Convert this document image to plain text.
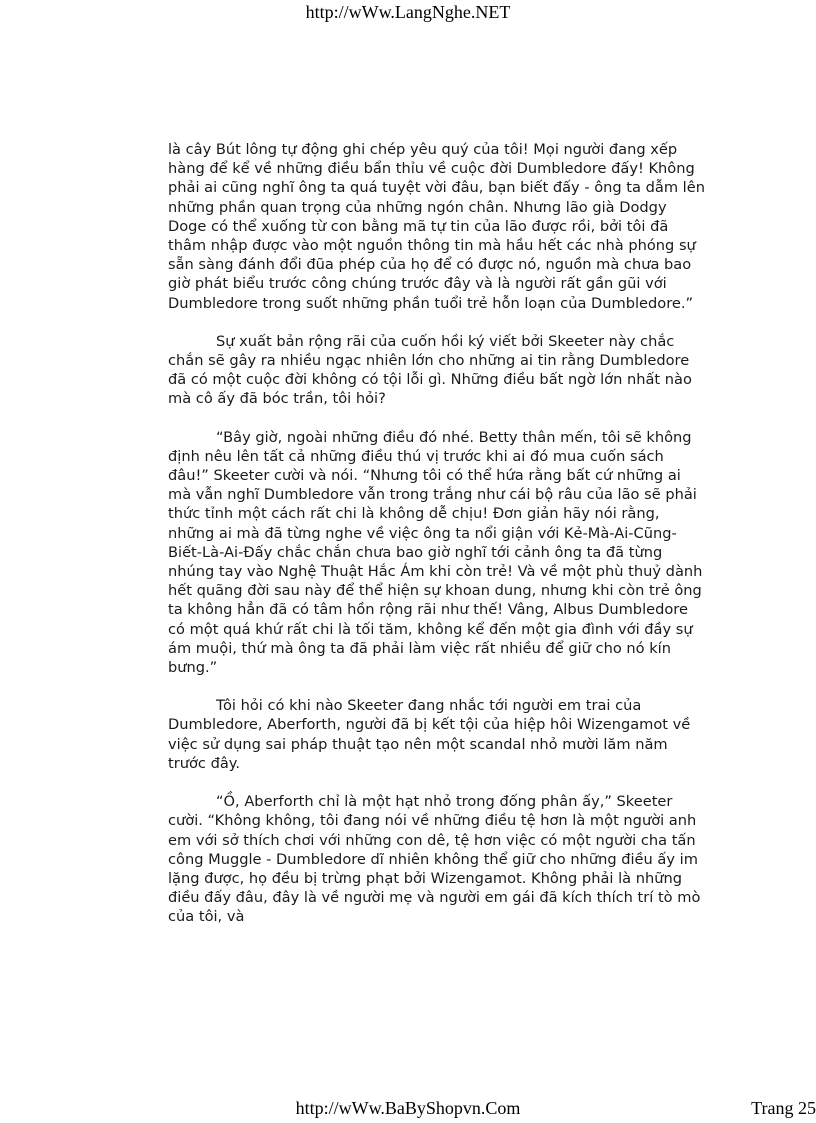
http://wWw.LangNghe.NET

là cây Bút lông tự động ghi chép yêu quý của tôi! Mọi người đang xếp hàng để kể về những điều bẩn thỉu về cuộc đời Dumbledore đấy! Không phải ai cũng nghĩ ông ta quá tuyệt vời đâu, bạn biết đấy - ông ta dẫm lên những phần quan trọng của những ngón chân. Nhưng lão già Dodgy Doge có thể xuống từ con bằng mã tự tin của lão được rồi, bởi tôi đã thâm nhập được vào một nguồn thông tin mà hầu hết các nhà phóng sự sẵn sàng đánh đổi đũa phép của họ để có được nó, nguồn mà chưa bao giờ phát biểu trước công chúng trước đây và là người rất gần gũi với Dumbledore trong suốt những phần tuổi trẻ hỗn loạn của Dumbledore.”

Sự xuất bản rộng rãi của cuốn hồi ký viết bởi Skeeter này chắc chắn sẽ gây ra nhiều ngạc nhiên lớn cho những ai tin rằng Dumbledore đã có một cuộc đời không có tội lỗi gì. Những điều bất ngờ lớn nhất nào mà cô ấy đã bóc trần, tôi hỏi?

“Bây giờ, ngoài những điều đó nhé. Betty thân mến, tôi sẽ không định nêu lên tất cả những điều thú vị trước khi ai đó mua cuốn sách đâu!” Skeeter cười và nói. “Nhưng tôi có thể hứa rằng bất cứ những ai mà vẫn nghĩ Dumbledore vẫn trong trắng như cái bộ râu của lão sẽ phải thức tỉnh một cách rất chi là không dễ chịu! Đơn giản hãy nói rằng, những ai mà đã từng nghe về việc ông ta nổi giận với Kẻ-Mà-Ai-Cũng-Biết-Là-Ai-Đấy chắc chắn chưa bao giờ nghĩ tới cảnh ông ta đã từng nhúng tay vào Nghệ Thuật Hắc Ám khi còn trẻ! Và về một phù thuỷ dành hết quãng đời sau này để thể hiện sự khoan dung, nhưng khi còn trẻ ông ta không hẳn đã có tâm hồn rộng rãi như thế! Vâng, Albus Dumbledore có một quá khứ rất chi là tối tăm, không kể đến một gia đình với đầy sự ám muội, thứ mà ông ta đã phải làm việc rất nhiều để giữ cho nó kín bưng.”

Tôi hỏi có khi nào Skeeter đang nhắc tới người em trai của Dumbledore, Aberforth, người đã bị kết tội của hiệp hôi Wizengamot về việc sử dụng sai pháp thuật tạo nên một scandal nhỏ mười lăm năm trước đây.

“Ồ, Aberforth chỉ là một hạt nhỏ trong đống phân ấy,” Skeeter cười. “Không không, tôi đang nói về những điều tệ hơn là một người anh em với sở thích chơi với những con dê, tệ hơn việc có một người cha tấn công Muggle - Dumbledore dĩ nhiên không thể giữ cho những điều ấy im lặng được, họ đều bị trừng phạt bởi Wizengamot. Không phải là những điều đấy đâu, đây là về người mẹ và người em gái đã kích thích trí tò mò của tôi, và

http://wWw.BaByShopvn.Com	Trang 25
